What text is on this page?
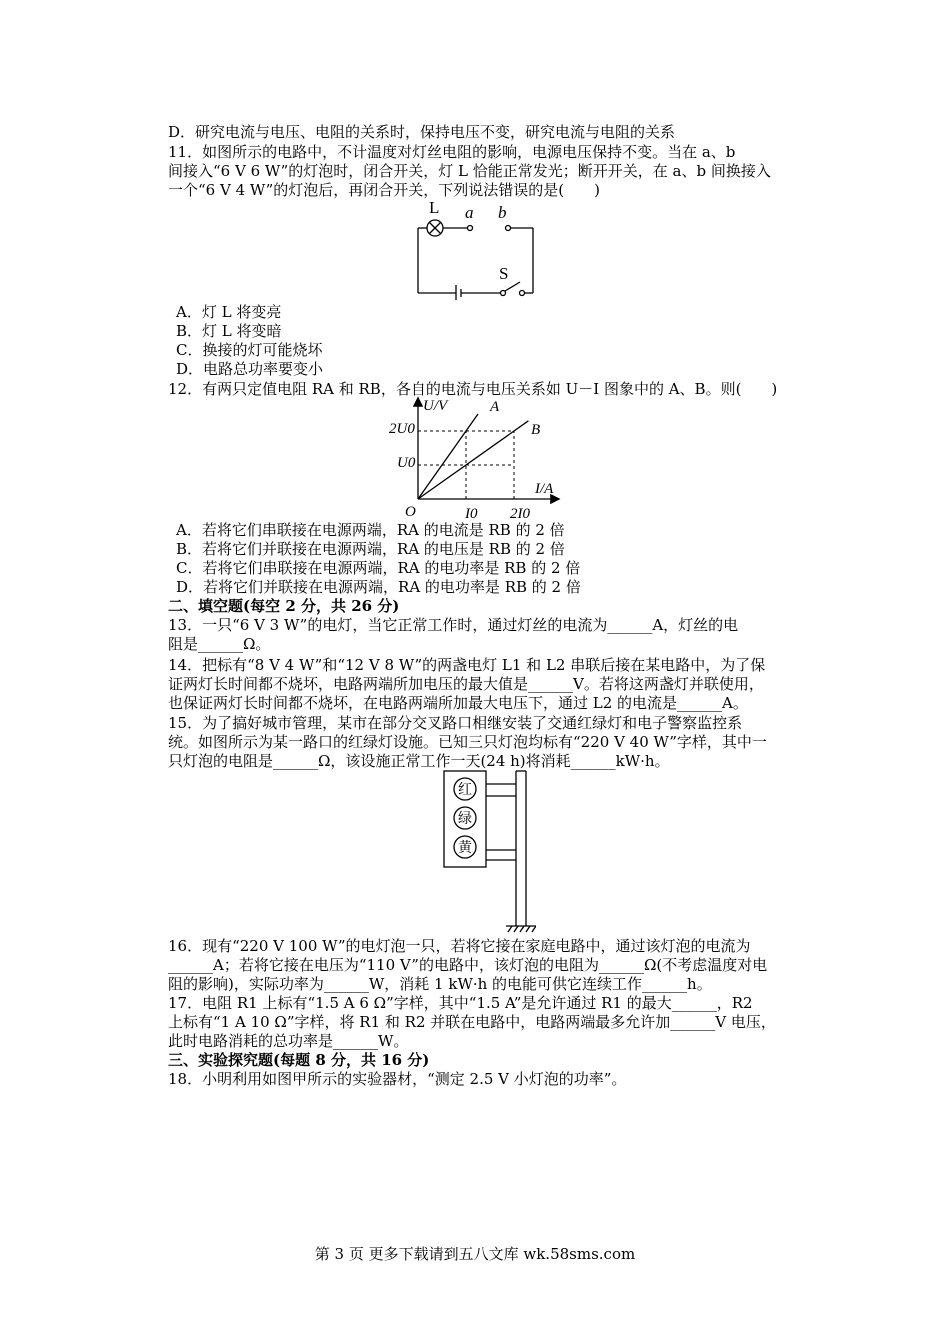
D．研究电流与电压、电阻的关系时，保持电压不变，研究电流与电阻的关系
11．如图所示的电路中，不计温度对灯丝电阻的影响，电源电压保持不变。当在 a、b
间接入“6 V 6 W”的灯泡时，闭合开关，灯 L 恰能正常发光；断开开关，在 a、b 间换接入
一个“6 V 4 W”的灯泡后，再闭合开关，下列说法错误的是(　　)
L a b
S
A．灯 L 将变亮
B．灯 L 将变暗
C．换接的灯可能烧坏
D．电路总功率要变小
12．有两只定值电阻 RA 和 RB，各自的电流与电压关系如 U－I 图象中的 A、B。则(　　)
U/V
I/A
O
2U0
U0
I0 2I0
A
B
A．若将它们串联接在电源两端，RA 的电流是 RB 的 2 倍
B．若将它们并联接在电源两端，RA 的电压是 RB 的 2 倍
C．若将它们串联接在电源两端，RA 的电功率是 RB 的 2 倍
D．若将它们并联接在电源两端，RA 的电功率是 RB 的 2 倍
二、填空题(每空 2 分，共 26 分)
13．一只“6 V 3 W”的电灯，当它正常工作时，通过灯丝的电流为______A，灯丝的电
阻是______Ω。
14．把标有“8 V 4 W”和“12 V 8 W”的两盏电灯 L1 和 L2 串联后接在某电路中，为了保
证两灯长时间都不烧坏，电路两端所加电压的最大值是______V。若将这两盏灯并联使用，
也保证两灯长时间都不烧坏，在电路两端所加最大电压下，通过 L2 的电流是______A。
15．为了搞好城市管理，某市在部分交叉路口相继安装了交通红绿灯和电子警察监控系
统。如图所示为某一路口的红绿灯设施。已知三只灯泡均标有“220 V 40 W”字样，其中一
只灯泡的电阻是______Ω，该设施正常工作一天(24 h)将消耗______kW·h。
红
绿
黄
16．现有“220 V 100 W”的电灯泡一只，若将它接在家庭电路中，通过该灯泡的电流为
______A；若将它接在电压为“110 V”的电路中，该灯泡的电阻为______Ω(不考虑温度对电
阻的影响)，实际功率为______W，消耗 1 kW·h 的电能可供它连续工作______h。
17．电阻 R1 上标有“1.5 A 6 Ω”字样，其中“1.5 A”是允许通过 R1 的最大______，R2
上标有“1 A 10 Ω”字样，将 R1 和 R2 并联在电路中，电路两端最多允许加______V 电压，
此时电路消耗的总功率是______W。
三、实验探究题(每题 8 分，共 16 分)
18．小明利用如图甲所示的实验器材，“测定 2.5 V 小灯泡的功率”。
第 3 页 更多下载请到五八文库 wk.58sms.com
